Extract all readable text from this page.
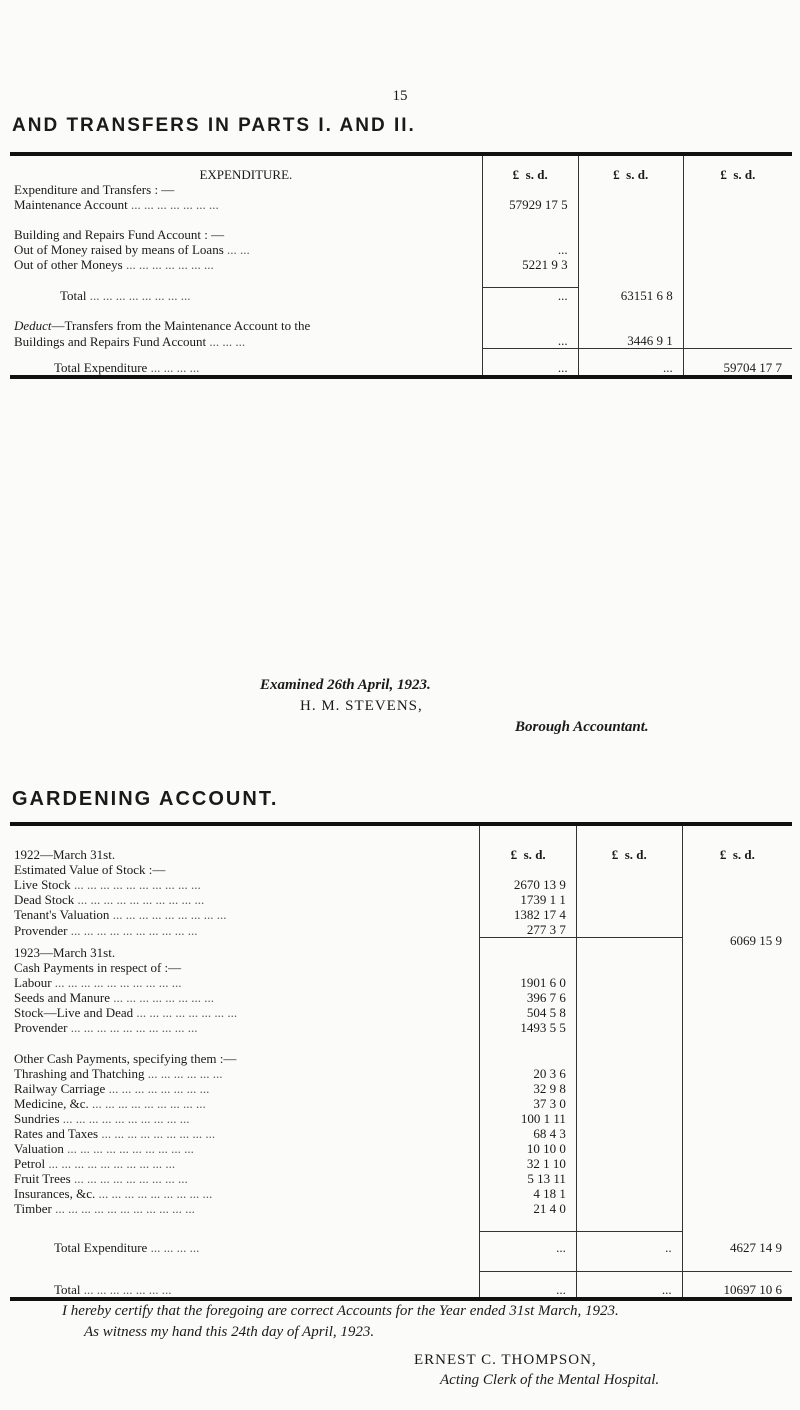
15
AND TRANSFERS IN PARTS I. AND II.
EXPENDITURE.	£ s. d.	£ s. d.	£ s. d.
Expenditure and Transfers : —			
Maintenance Account ... ... ... ... ... ... ...	57929 17 5		

Building and Repairs Fund Account : —			
Out of Money raised by means of Loans ... ...	...		
Out of other Moneys ... ... ... ... ... ... ...	5221 9 3		

Total ... ... ... ... ... ... ... ...	...	63151 6 8	

Deduct—Transfers from the Maintenance Account to the			
Buildings and Repairs Fund Account ... ... ...	...	3446 9 1	
Total Expenditure ... ... ... ...	...	...	59704 17 7
Examined 26th April, 1923.
H. M. STEVENS,
Borough Accountant.
GARDENING ACCOUNT.
1922—March 31st.	£ s. d.	£ s. d.	£ s. d.
Estimated Value of Stock :—			
Live Stock ... ... ... ... ... ... ... ... ... ...	2670 13 9		
Dead Stock ... ... ... ... ... ... ... ... ... ...	1739 1 1		
Tenant's Valuation ... ... ... ... ... ... ... ... ...	1382 17 4		
Provender ... ... ... ... ... ... ... ... ... ...	277 3 7		6069 15 9
1923—March 31st.			
Cash Payments in respect of :—			
Labour ... ... ... ... ... ... ... ... ... ...	1901 6 0		
Seeds and Manure ... ... ... ... ... ... ... ...	396 7 6		
Stock—Live and Dead ... ... ... ... ... ... ... ...	504 5 8		
Provender ... ... ... ... ... ... ... ... ... ...	1493 5 5		

Other Cash Payments, specifying them :—			
Thrashing and Thatching ... ... ... ... ... ...	20 3 6		
Railway Carriage ... ... ... ... ... ... ... ...	32 9 8		
Medicine, &c. ... ... ... ... ... ... ... ... ...	37 3 0		
Sundries ... ... ... ... ... ... ... ... ... ...	100 1 11		
Rates and Taxes ... ... ... ... ... ... ... ... ...	68 4 3		
Valuation ... ... ... ... ... ... ... ... ... ...	10 10 0		
Petrol ... ... ... ... ... ... ... ... ... ...	32 1 10		
Fruit Trees ... ... ... ... ... ... ... ... ...	5 13 11		
Insurances, &c. ... ... ... ... ... ... ... ... ...	4 18 1		
Timber ... ... ... ... ... ... ... ... ... ... ...	21 4 0		

Total Expenditure ... ... ... ...	...	..	4627 14 9

Total ... ... ... ... ... ... ...	...	...	10697 10 6
I hereby certify that the foregoing are correct Accounts for the Year ended 31st March, 1923.
As witness my hand this 24th day of April, 1923.
ERNEST C. THOMPSON,
Acting Clerk of the Mental Hospital.
